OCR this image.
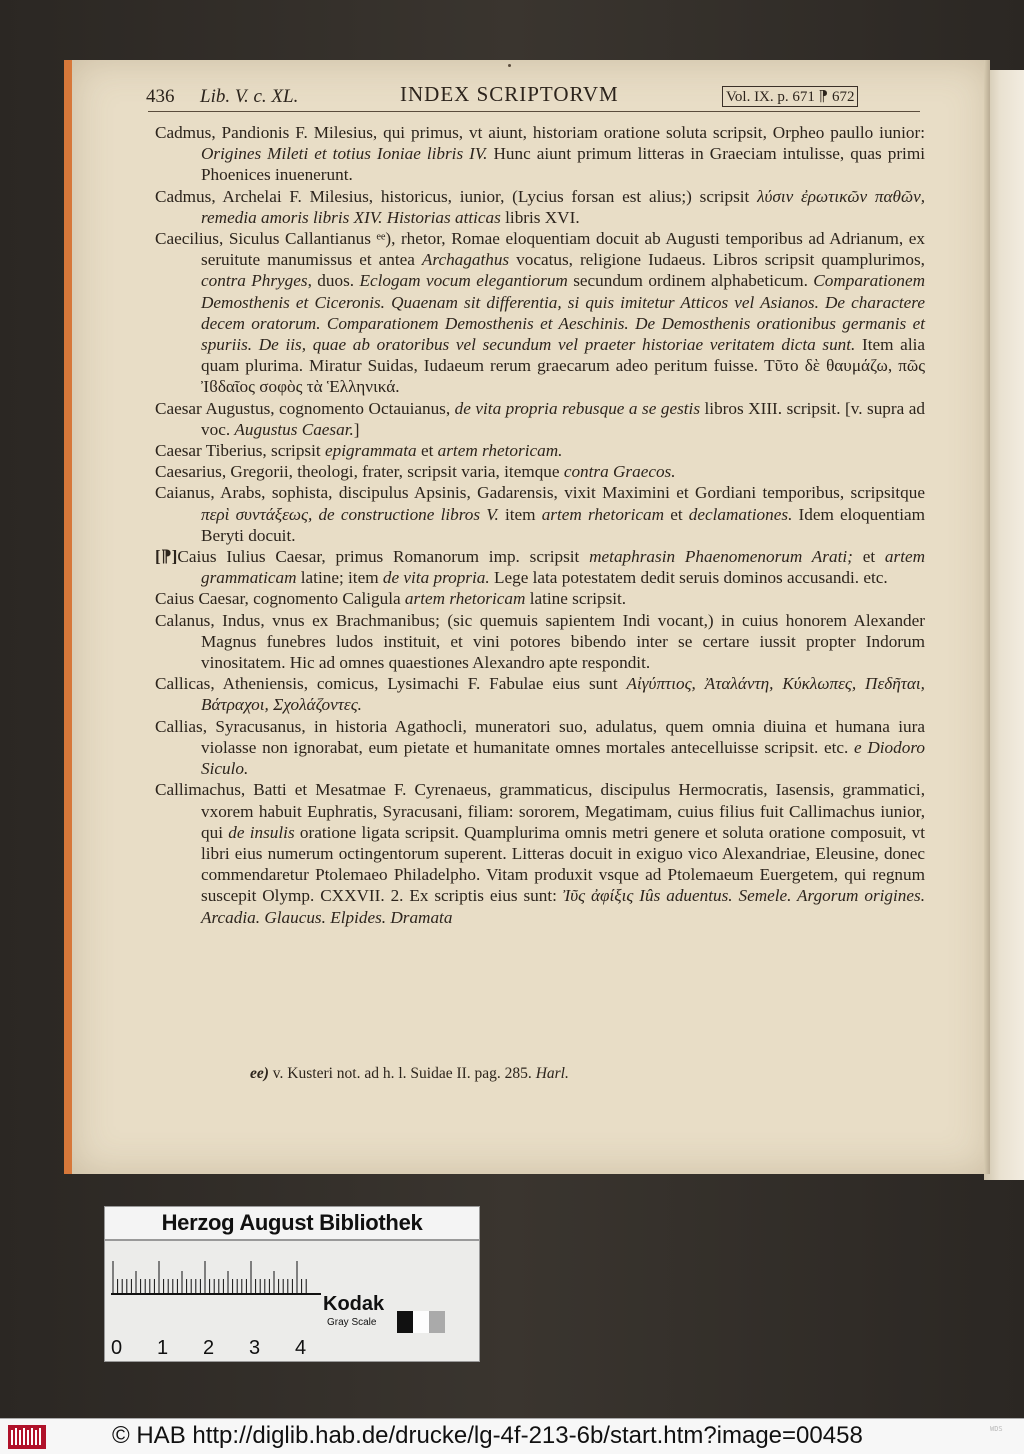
436 Lib. V. c. XL.	INDEX SCRIPTORVM	Vol. IX. p. 671 ⁋ 672

Cadmus, Pandionis F. Milesius, qui primus, vt aiunt, historiam oratione soluta scripsit, Orpheo paullo iunior: Origines Mileti et totius Ioniae libris IV. Hunc aiunt primum litteras in Graeciam intulisse, quas primi Phoenices inuenerunt.

Cadmus, Archelai F. Milesius, historicus, iunior, (Lycius forsan est alius;) scripsit λύσιν ἐρωτικῶν παθῶν, remedia amoris libris XIV. Historias atticas libris XVI.

Caecilius, Siculus Callantianus ᵉᵉ), rhetor, Romae eloquentiam docuit ab Augusti temporibus ad Adrianum, ex seruitute manumissus et antea Archagathus vocatus, religione Iudaeus. Libros scripsit quamplurimos, contra Phryges, duos. Eclogam vocum elegantiorum secundum ordinem alphabeticum. Comparationem Demosthenis et Ciceronis. Quaenam sit differentia, si quis imitetur Atticos vel Asianos. De charactere decem oratorum. Comparationem Demosthenis et Aeschinis. De Demosthenis orationibus germanis et spuriis. De iis, quae ab oratoribus vel secundum vel praeter historiae veritatem dicta sunt. Item alia quam plurima. Miratur Suidas, Iudaeum rerum graecarum adeo peritum fuisse. Τῦτο δὲ θαυμάζω, πῶς Ἰϐδαῖος σοφὸς τὰ Ἑλληνικά.

Caesar Augustus, cognomento Octauianus, de vita propria rebusque a se gestis libros XIII. scripsit. [v. supra ad voc. Augustus Caesar.]

Caesar Tiberius, scripsit epigrammata et artem rhetoricam.

Caesarius, Gregorii, theologi, frater, scripsit varia, itemque contra Graecos.

Caianus, Arabs, sophista, discipulus Apsinis, Gadarensis, vixit Maximini et Gordiani temporibus, scripsitque περὶ συντάξεως, de constructione libros V. item artem rhetoricam et declamationes. Idem eloquentiam Beryti docuit.

[⁋]Caius Iulius Caesar, primus Romanorum imp. scripsit metaphrasin Phaenomenorum Arati; et artem grammaticam latine; item de vita propria. Lege lata potestatem dedit seruis dominos accusandi. etc.

Caius Caesar, cognomento Caligula artem rhetoricam latine scripsit.

Calanus, Indus, vnus ex Brachmanibus; (sic quemuis sapientem Indi vocant,) in cuius honorem Alexander Magnus funebres ludos instituit, et vini potores bibendo inter se certare iussit propter Indorum vinositatem. Hic ad omnes quaestiones Alexandro apte respondit.

Callicas, Atheniensis, comicus, Lysimachi F. Fabulae eius sunt Αἰγύπτιος, Ἀταλάντη, Κύκλωπες, Πεδῆται, Βάτραχοι, Σχολάζοντες.

Callias, Syracusanus, in historia Agathocli, muneratori suo, adulatus, quem omnia diuina et humana iura violasse non ignorabat, eum pietate et humanitate omnes mortales antecelluisse scripsit. etc. e Diodoro Siculo.

Callimachus, Batti et Mesatmae F. Cyrenaeus, grammaticus, discipulus Hermocratis, Iasensis, grammatici, vxorem habuit Euphratis, Syracusani, filiam: sororem, Megatimam, cuius filius fuit Callimachus iunior, qui de insulis oratione ligata scripsit. Quamplurima omnis metri genere et soluta oratione composuit, vt libri eius numerum octingentorum superent. Litteras docuit in exiguo vico Alexandriae, Eleusine, donec commendaretur Ptolemaeo Philadelpho. Vitam produxit vsque ad Ptolemaeum Euergetem, qui regnum suscepit Olymp. CXXVII. 2. Ex scriptis eius sunt: Ἰῦς ἀφίξις Iûs aduentus. Semele. Argorum origines. Arcadia. Glaucus. Elpides. Dramata

ee) v. Kusteri not. ad h. l. Suidae II. pag. 285. Harl.
Herzog August Bibliothek
0 1 2 3 4
Kodak
Gray Scale
© HAB http://diglib.hab.de/drucke/lg-4f-213-6b/start.htm?image=00458	WDS
